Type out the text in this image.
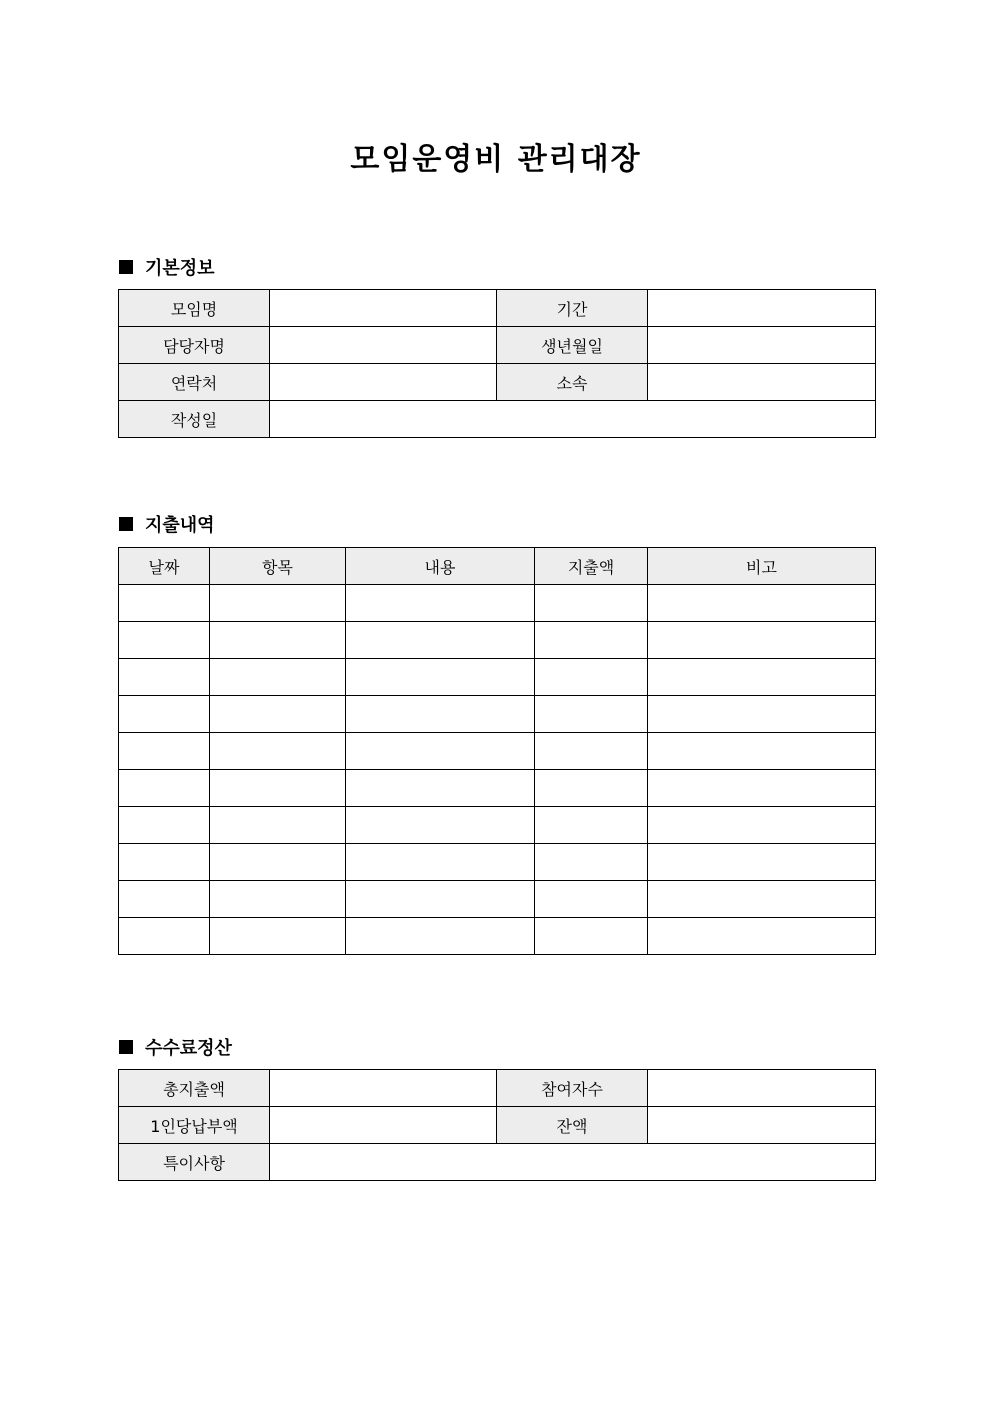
모임운영비 관리대장
기본정보
모임명		기간	
담당자명		생년월일	
연락처		소속	
작성일			
지출내역
날짜	항목	내용	지출액	비고

수수료정산
총지출액		참여자수	
1인당납부액		잔액	
특이사항			
